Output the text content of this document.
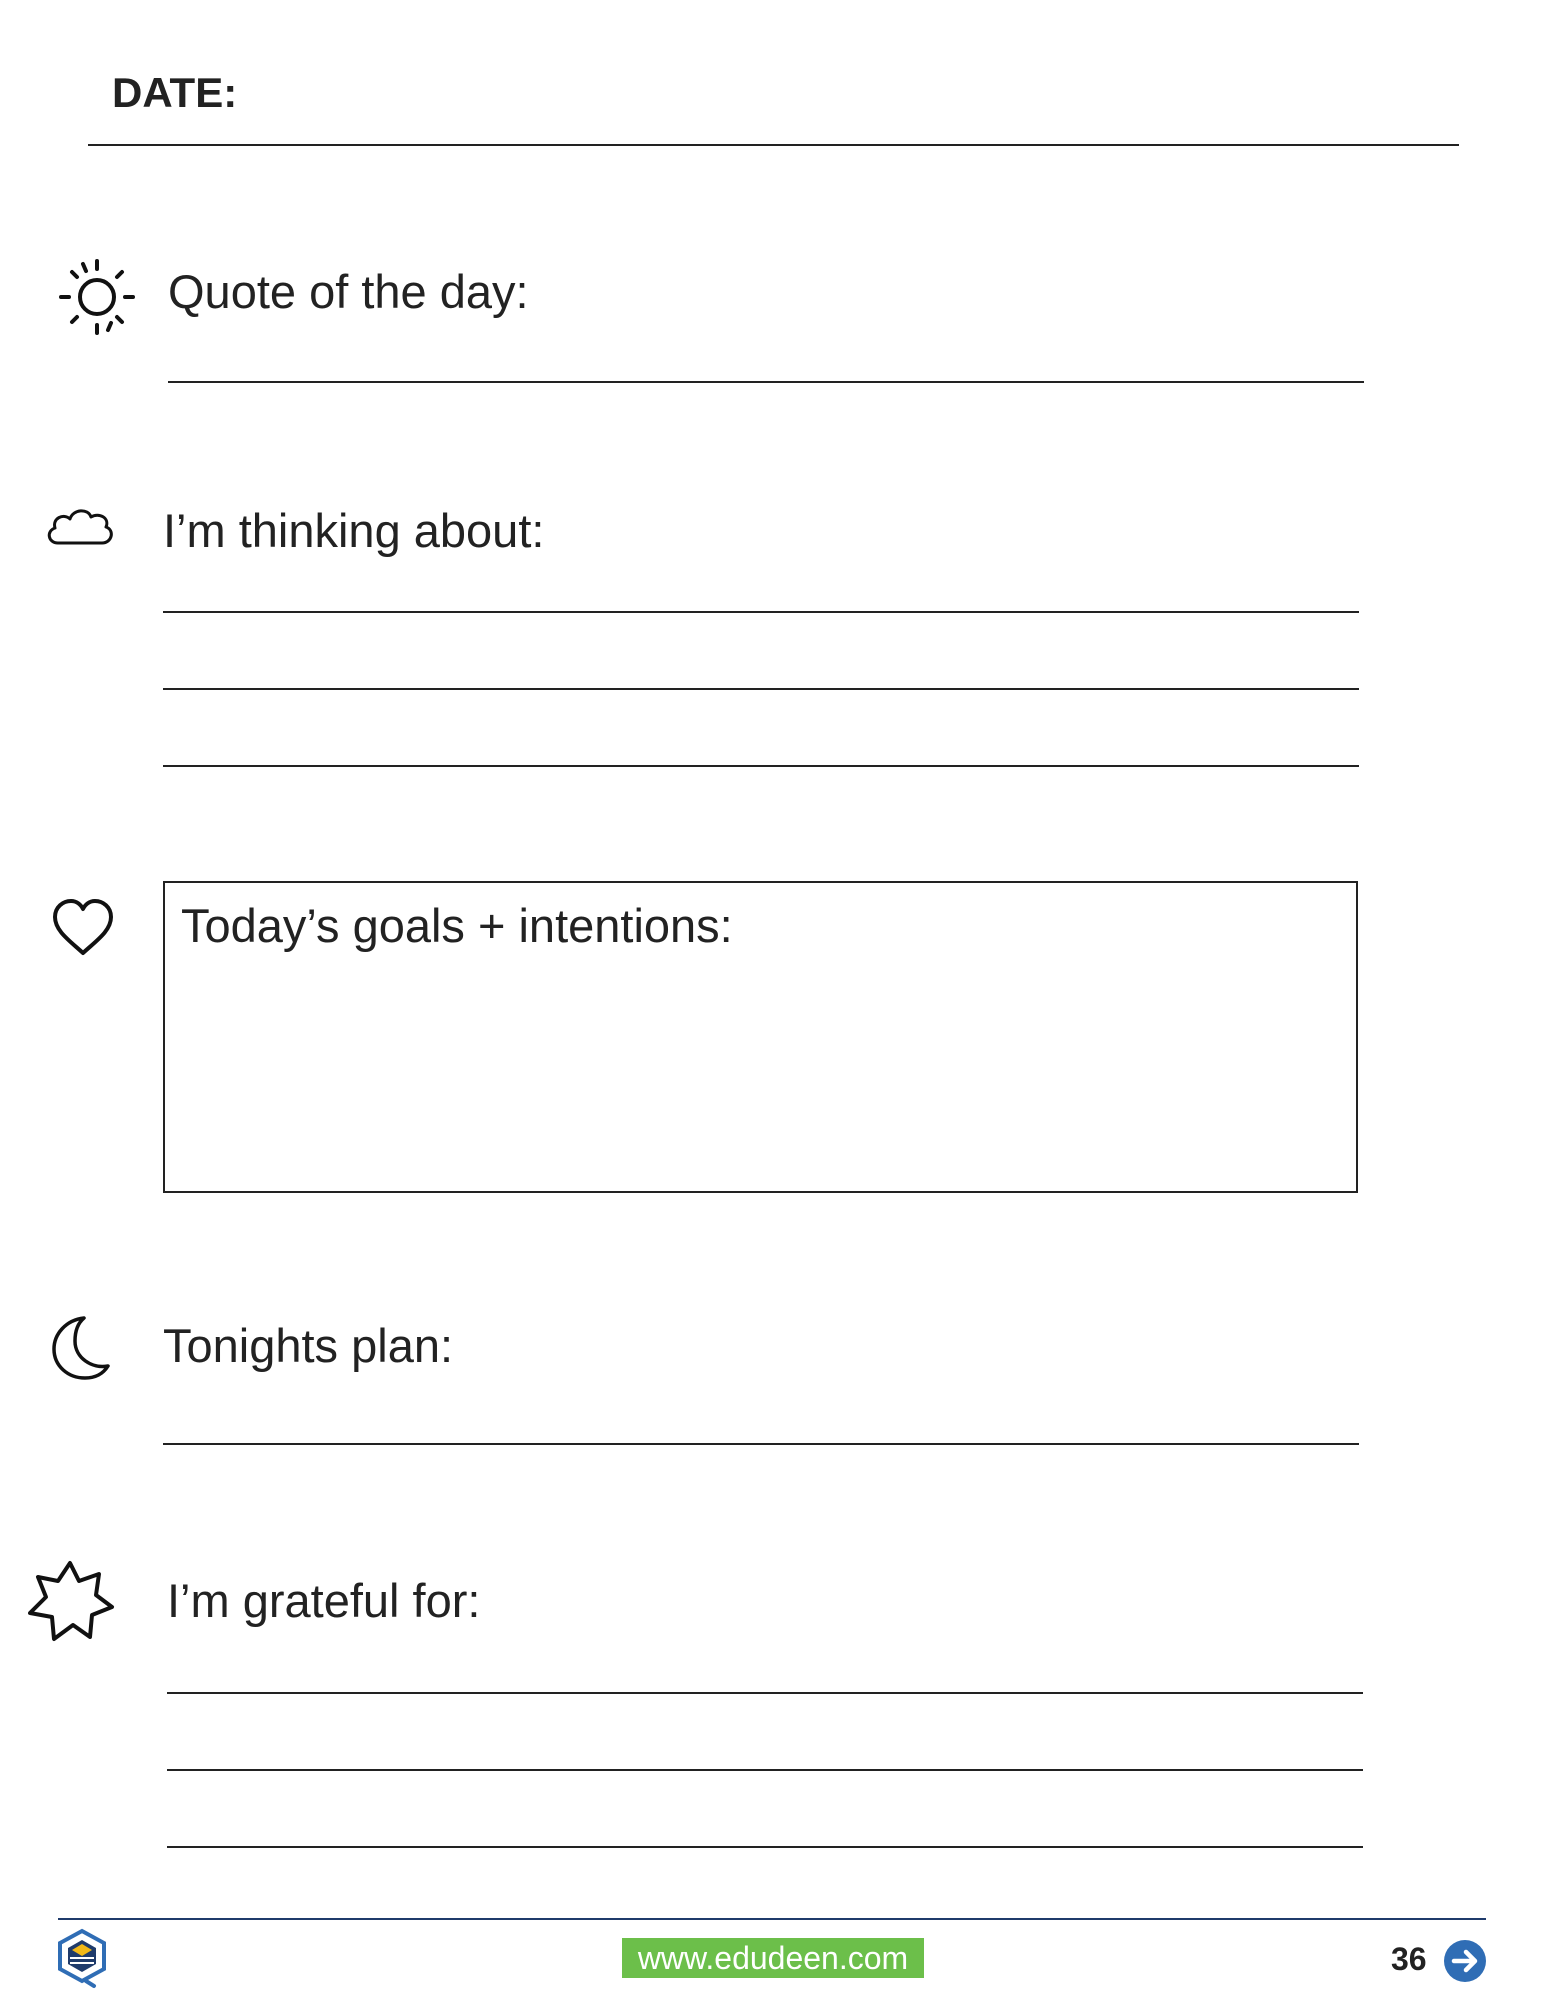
DATE:
Quote of the day:
I’m thinking about:
Today’s goals + intentions:
Tonights plan:
I’m grateful for:
www.edudeen.com	36
